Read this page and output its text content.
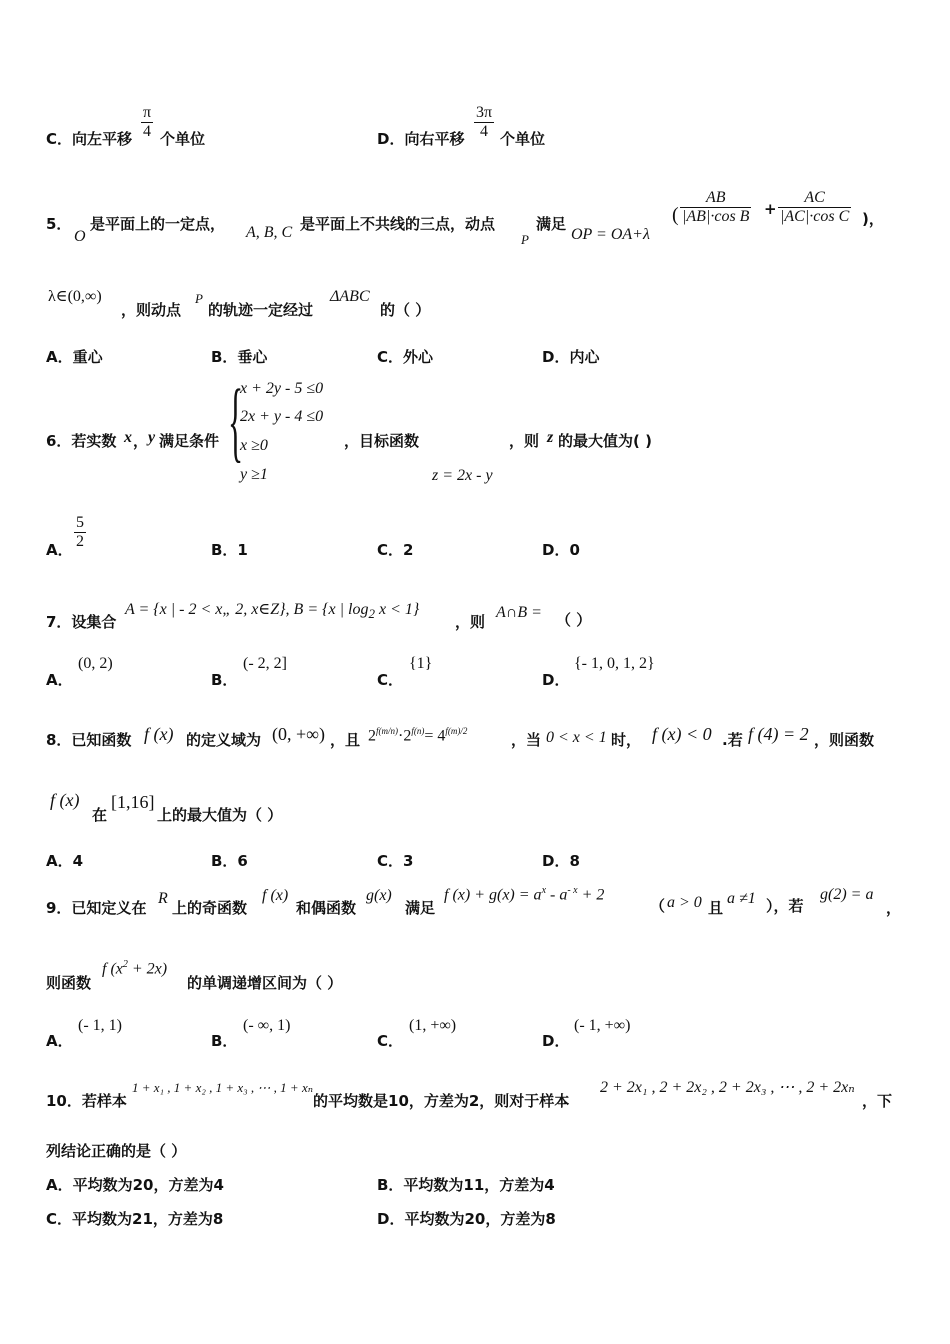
C．向左平移 $\frac{\pi}{4}$ 个单位	D．向右平移 $\frac{3\pi}{4}$ 个单位
5．
O
是平面上的一定点， A, B, C 是平面上不共线的三点，动点
P
满足
OP = OA+λ
( $\frac{AB}{\text{|AB|·cos B}} + \frac{AC}{\text{|AC|·cos C}}$ )，
λ∈(0,∞)
，则动点
P
的轨迹一定经过
ΔABC
的（ ）
A．重心	B．垂心	C．外心	D．内心
6．若实数 x ， y 满足条件 {
x + 2y - 5 ≤0
2x + y - 4 ≤0
x ≥0
y ≥1
，目标函数	，则 z 的最大值为( )
z = 2x - y
A． $\frac{5}{2}$	B．1	C．2	D．0
7．设集合
A = {x | - 2 < x„ 2, x∈Z}, B = {x | $\log_2 x < 1$}
，则
A∩B = （ ）
A．
(0, 2)
B．
(- 2, 2]
C．
{1}
D．
{- 1, 0, 1, 2}
8．已知函数 f (x) 的定义域为 (0, +∞) ，且 $2^{f(m/n)}\cdot 2^{f(n)}= 4^{f(m)/2}$	，当 0 < x < 1 时， f (x) < 0 .若 f (4) = 2 ，则函数
f (x)
在
[1,16]
上的最大值为（ ）
A．4	B．6	C．3	D．8
9．已知定义在
R
上的奇函数
f (x)
和偶函数
g(x)
满足
f $(x) + g(x) = a^x - a^{- x} + 2$
（ a > 0 且
a ≠1 ），若
g(2) = a
，
则函数
f $(x^2 + 2x)$
的单调递增区间为（ ）
A．
(- 1, 1)
B．
(- ∞, 1)
C．
(1, +∞)
D．
(- 1, +∞)
10．若样本
1 + x₁ , 1 + x₂ , 1 + x₃ , ⋯ , 1 + xₙ
的平均数是10，方差为2，则对于样本
2 + 2x₁ , 2 + 2x₂ , 2 + 2x₃ , ⋯ , 2 + 2xₙ
，下
列结论正确的是（ ）
A．平均数为20，方差为4	B．平均数为11，方差为4
C．平均数为21，方差为8	D．平均数为20，方差为8
